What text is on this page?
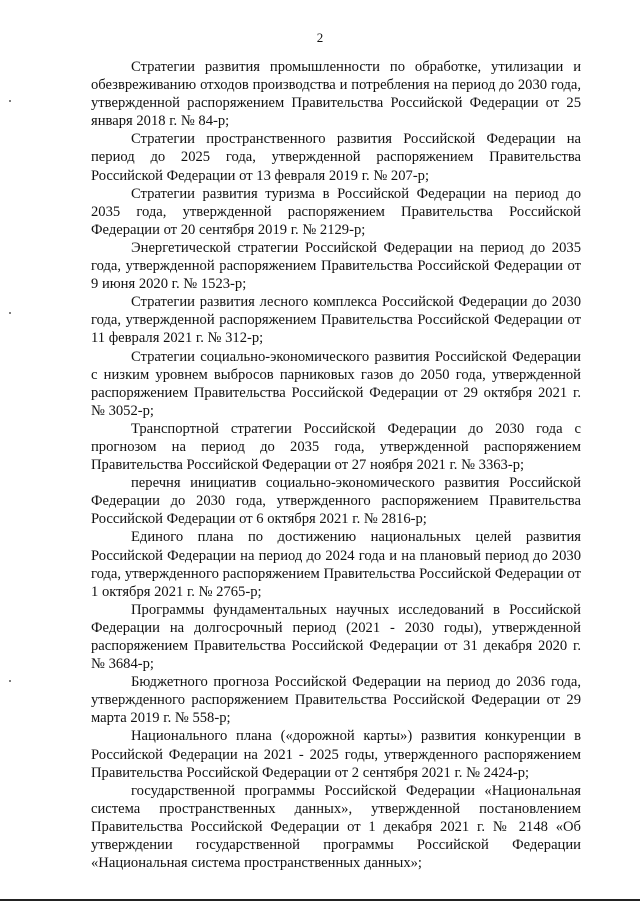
2

Стратегии развития промышленности по обработке, утилизации и обезвреживанию отходов производства и потребления на период до 2030 года, утвержденной распоряжением Правительства Российской Федерации от 25 января 2018 г. № 84-р;

Стратегии пространственного развития Российской Федерации на период до 2025 года, утвержденной распоряжением Правительства Российской Федерации от 13 февраля 2019 г. № 207-р;

Стратегии развития туризма в Российской Федерации на период до 2035 года, утвержденной распоряжением Правительства Российской Федерации от 20 сентября 2019 г. № 2129-р;

Энергетической стратегии Российской Федерации на период до 2035 года, утвержденной распоряжением Правительства Российской Федерации от 9 июня 2020 г. № 1523-р;

Стратегии развития лесного комплекса Российской Федерации до 2030 года, утвержденной распоряжением Правительства Российской Федерации от 11 февраля 2021 г. № 312-р;

Стратегии социально-экономического развития Российской Федерации с низким уровнем выбросов парниковых газов до 2050 года, утвержденной распоряжением Правительства Российской Федерации от 29 октября 2021 г. № 3052-р;

Транспортной стратегии Российской Федерации до 2030 года с прогнозом на период до 2035 года, утвержденной распоряжением Правительства Российской Федерации от 27 ноября 2021 г. № 3363-р;

перечня инициатив социально-экономического развития Российской Федерации до 2030 года, утвержденного распоряжением Правительства Российской Федерации от 6 октября 2021 г. № 2816-р;

Единого плана по достижению национальных целей развития Российской Федерации на период до 2024 года и на плановый период до 2030 года, утвержденного распоряжением Правительства Российской Федерации от 1 октября 2021 г. № 2765-р;

Программы фундаментальных научных исследований в Российской Федерации на долгосрочный период (2021 - 2030 годы), утвержденной распоряжением Правительства Российской Федерации от 31 декабря 2020 г. № 3684-р;

Бюджетного прогноза Российской Федерации на период до 2036 года, утвержденного распоряжением Правительства Российской Федерации от 29 марта 2019 г. № 558-р;

Национального плана («дорожной карты») развития конкуренции в Российской Федерации на 2021 - 2025 годы, утвержденного распоряжением Правительства Российской Федерации от 2 сентября 2021 г. № 2424-р;

государственной программы Российской Федерации «Национальная система пространственных данных», утвержденной постановлением Правительства Российской Федерации от 1 декабря 2021 г. № 2148 «Об утверждении государственной программы Российской Федерации «Национальная система пространственных данных»;
